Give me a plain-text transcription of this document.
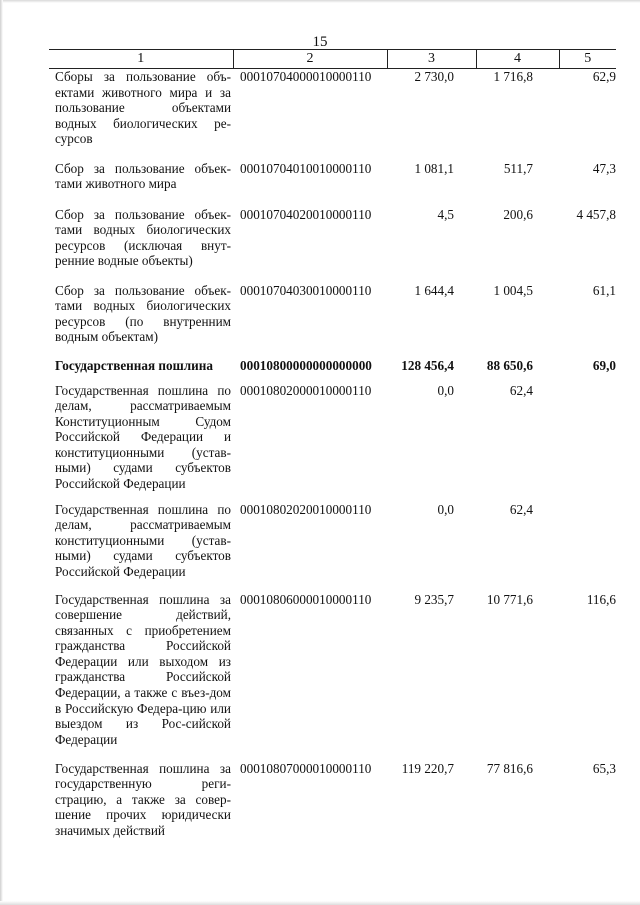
15
1	2	3	4	5
Сборы за пользование объ-ектами животного мира и за пользование объектами водных биологических ре-сурсов	00010704000010000110	2 730,0	1 716,8	62,9
Сбор за пользование объек-тами животного мира	00010704010010000110	1 081,1	511,7	47,3
Сбор за пользование объек-тами водных биологических ресурсов (исключая внут-ренние водные объекты)	00010704020010000110	4,5	200,6	4 457,8
Сбор за пользование объек-тами водных биологических ресурсов (по внутренним водным объектам)	00010704030010000110	1 644,4	1 004,5	61,1
Государственная пошлина	00010800000000000000	128 456,4	88 650,6	69,0
Государственная пошлина по делам, рассматриваемым Конституционным Судом Российской Федерации и конституционными (устав-ными) судами субъектов Российской Федерации	00010802000010000110	0,0	62,4	
Государственная пошлина по делам, рассматриваемым конституционными (устав-ными) судами субъектов Российской Федерации	00010802020010000110	0,0	62,4	
Государственная пошлина за совершение действий, связанных с приобретением гражданства Российской Федерации или выходом из гражданства Российской Федерации, а также с въез-дом в Российскую Федера-цию или выездом из Рос-сийской Федерации	00010806000010000110	9 235,7	10 771,6	116,6
Государственная пошлина за государственную реги-страцию, а также за совер-шение прочих юридически значимых действий	00010807000010000110	119 220,7	77 816,6	65,3
